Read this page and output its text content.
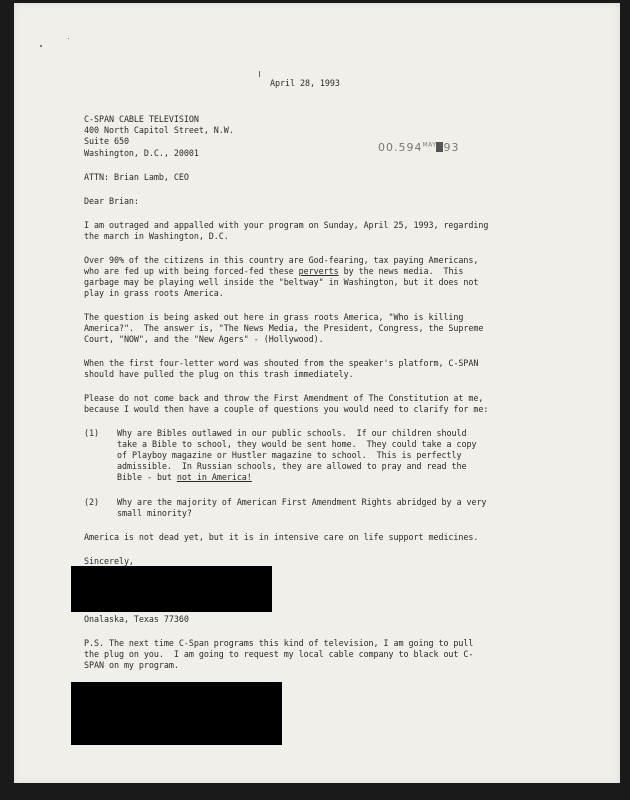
April 28, 1993
C-SPAN CABLE TELEVISION
400 North Capitol Street, N.W.
Suite 650
Washington, D.C., 20001	$00.594^{MAY}$ 93
ATTN: Brian Lamb, CEO
Dear Brian:
I am outraged and appalled with your program on Sunday, April 25, 1993, regarding
the march in Washington, D.C.
Over 90% of the citizens in this country are God-fearing, tax paying Americans,
who are fed up with being forced-fed these perverts by the news media.  This
garbage may be playing well inside the "beltway" in Washington, but it does not
play in grass roots America.
The question is being asked out here in grass roots America, "Who is killing
America?".  The answer is, "The News Media, the President, Congress, the Supreme
Court, "NOW", and the "New Agers" - (Hollywood).
When the first four-letter word was shouted from the speaker's platform, C-SPAN
should have pulled the plug on this trash immediately.
Please do not come back and throw the First Amendment of The Constitution at me,
because I would then have a couple of questions you would need to clarify for me:
(1) Why are Bibles outlawed in our public schools.  If our children should
take a Bible to school, they would be sent home.  They could take a copy
of Playboy magazine or Hustler magazine to school.  This is perfectly
admissible.  In Russian schools, they are allowed to pray and read the
Bible - but not in America!
(2) Why are the majority of American First Amendment Rights abridged by a very
small minority?
America is not dead yet, but it is in intensive care on life support medicines.
Sincerely,
Onalaska, Texas 77360
P.S. The next time C-Span programs this kind of television, I am going to pull
the plug on you.  I am going to request my local cable company to black out C-
SPAN on my program.
